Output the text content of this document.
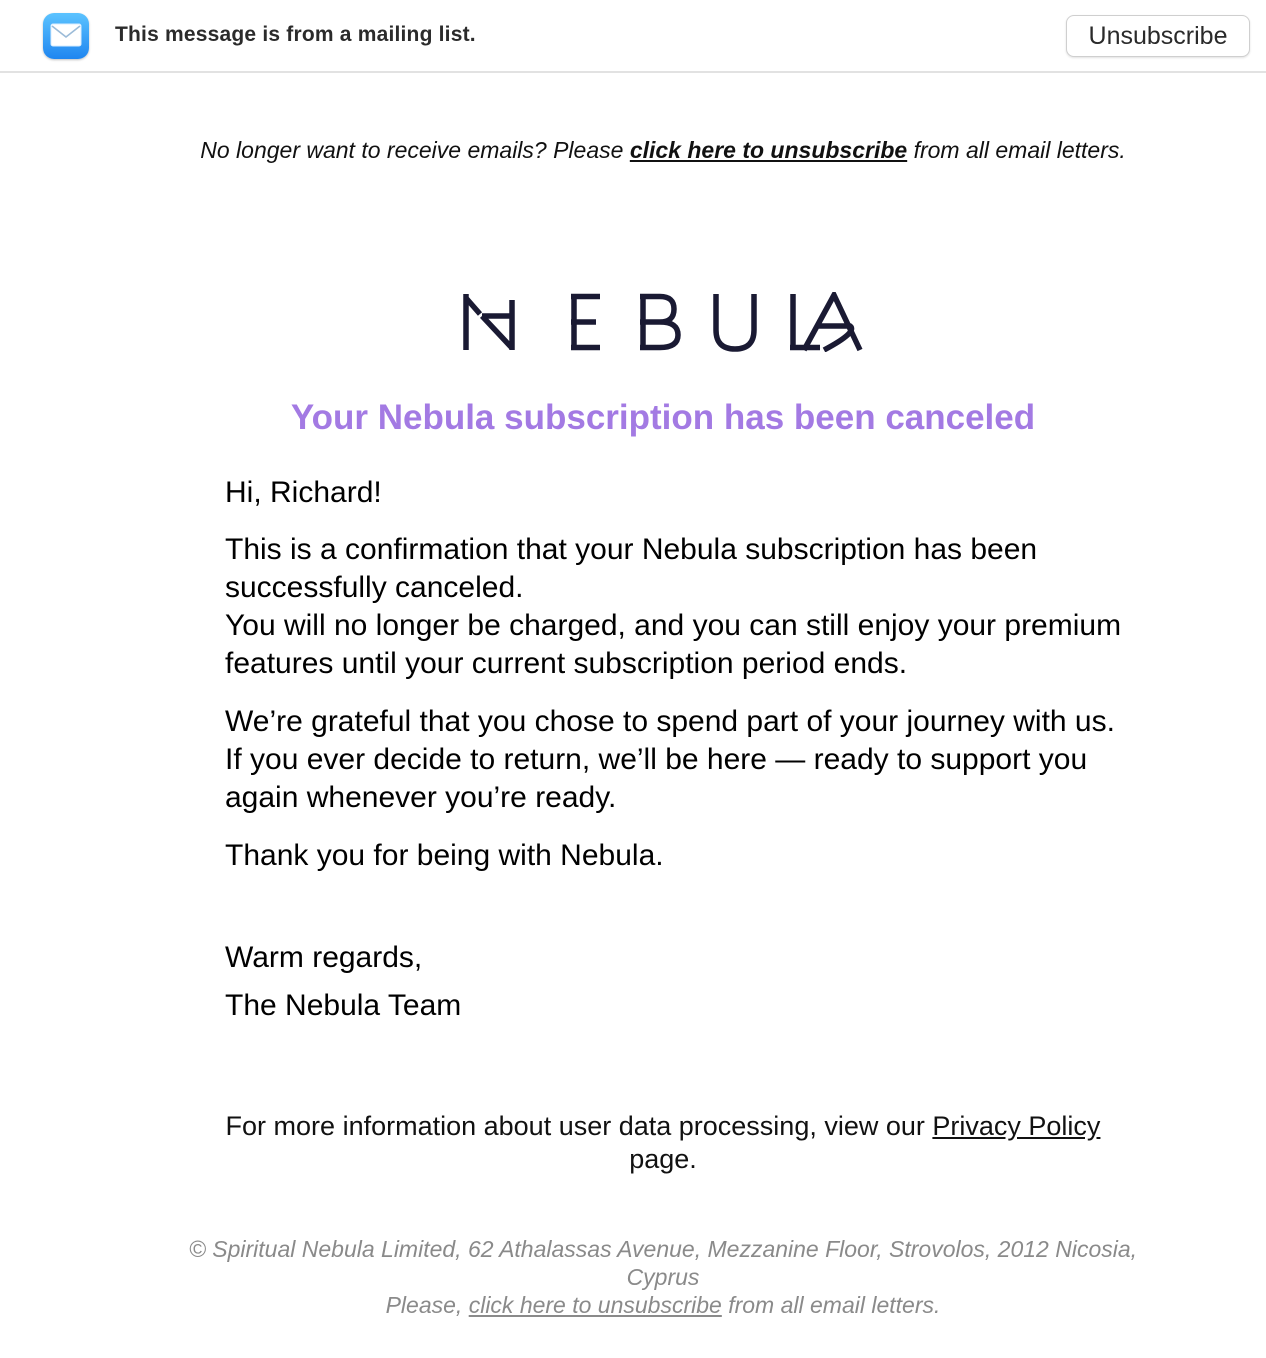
This message is from a mailing list.	Unsubscribe
No longer want to receive emails? Please click here to unsubscribe from all email letters.
Your Nebula subscription has been canceled
Hi, Richard!
This is a confirmation that your Nebula subscription has been successfully canceled.
You will no longer be charged, and you can still enjoy your premium features until your current subscription period ends.
We’re grateful that you chose to spend part of your journey with us. If you ever decide to return, we’ll be here — ready to support you again whenever you’re ready.
Thank you for being with Nebula.
Warm regards,
The Nebula Team
For more information about user data processing, view our Privacy Policy page.
© Spiritual Nebula Limited, 62 Athalassas Avenue, Mezzanine Floor, Strovolos, 2012 Nicosia, Cyprus
Please, click here to unsubscribe from all email letters.
